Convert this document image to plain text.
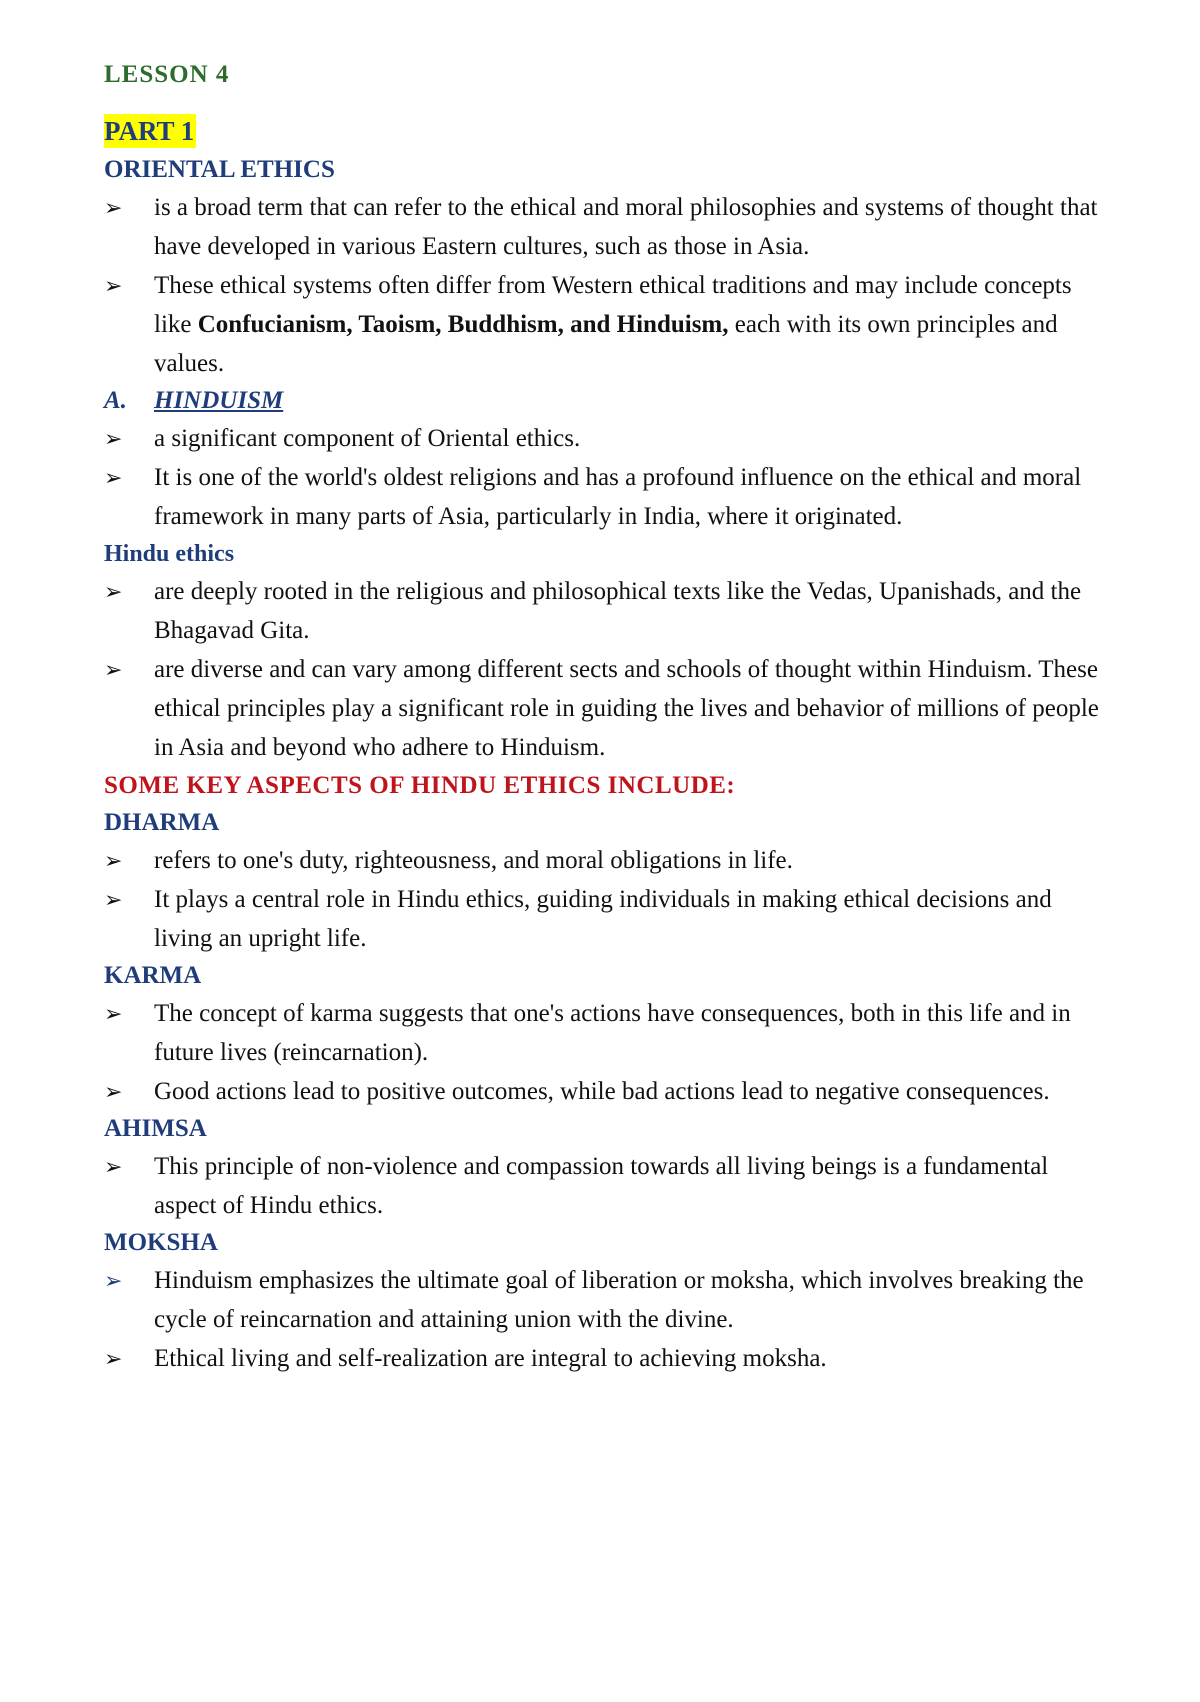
LESSON 4
PART 1
ORIENTAL ETHICS
➢	is a broad term that can refer to the ethical and moral philosophies and systems of thought that have developed in various Eastern cultures, such as those in Asia.
➢	These ethical systems often differ from Western ethical traditions and may include concepts like Confucianism, Taoism, Buddhism, and Hinduism, each with its own principles and values.
A.	HINDUISM
➢	a significant component of Oriental ethics.
➢	It is one of the world's oldest religions and has a profound influence on the ethical and moral framework in many parts of Asia, particularly in India, where it originated.
Hindu ethics
➢	are deeply rooted in the religious and philosophical texts like the Vedas, Upanishads, and the Bhagavad Gita.
➢	are diverse and can vary among different sects and schools of thought within Hinduism. These ethical principles play a significant role in guiding the lives and behavior of millions of people in Asia and beyond who adhere to Hinduism.
SOME KEY ASPECTS OF HINDU ETHICS INCLUDE:
DHARMA
➢	refers to one's duty, righteousness, and moral obligations in life.
➢	It plays a central role in Hindu ethics, guiding individuals in making ethical decisions and living an upright life.
KARMA
➢	The concept of karma suggests that one's actions have consequences, both in this life and in future lives (reincarnation).
➢	Good actions lead to positive outcomes, while bad actions lead to negative consequences.
AHIMSA
➢	This principle of non-violence and compassion towards all living beings is a fundamental aspect of Hindu ethics.
MOKSHA
➢	Hinduism emphasizes the ultimate goal of liberation or moksha, which involves breaking the cycle of reincarnation and attaining union with the divine.
➢	Ethical living and self-realization are integral to achieving moksha.
